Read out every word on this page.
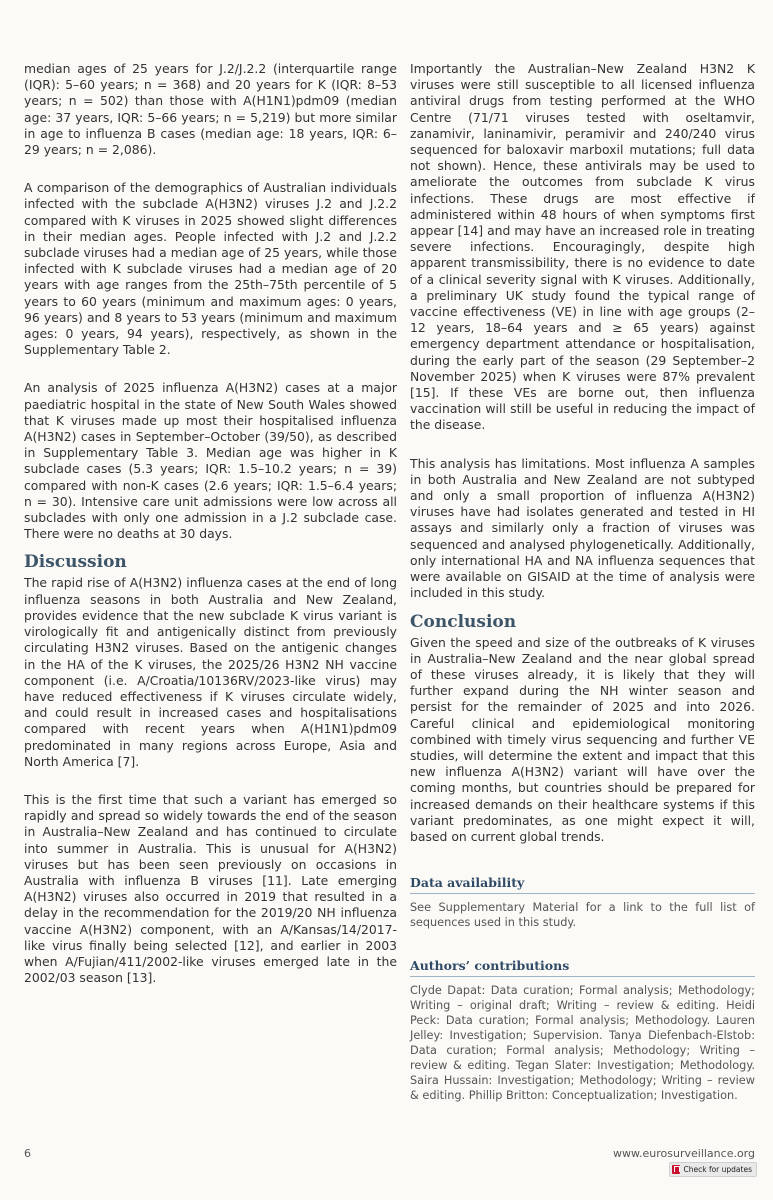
median ages of 25 years for J.2/J.2.2 (interquartile range (IQR): 5–60 years; n = 368) and 20 years for K (IQR: 8–53 years; n = 502) than those with A(H1N1)pdm09 (median age: 37 years, IQR: 5–66 years; n = 5,219) but more similar in age to influenza B cases (median age: 18 years, IQR: 6–29 years; n = 2,086).

A comparison of the demographics of Australian individuals infected with the subclade A(H3N2) viruses J.2 and J.2.2 compared with K viruses in 2025 showed slight differences in their median ages. People infected with J.2 and J.2.2 subclade viruses had a median age of 25 years, while those infected with K subclade viruses had a median age of 20 years with age ranges from the 25th–75th percentile of 5 years to 60 years (minimum and maximum ages: 0 years, 96 years) and 8 years to 53 years (minimum and maximum ages: 0 years, 94 years), respectively, as shown in the Supplementary Table 2.

An analysis of 2025 influenza A(H3N2) cases at a major paediatric hospital in the state of New South Wales showed that K viruses made up most their hospitalised influenza A(H3N2) cases in September–October (39/50), as described in Supplementary Table 3. Median age was higher in K subclade cases (5.3 years; IQR: 1.5–10.2 years; n = 39) compared with non-K cases (2.6 years; IQR: 1.5–6.4 years; n = 30). Intensive care unit admissions were low across all subclades with only one admission in a J.2 subclade case. There were no deaths at 30 days.

Discussion

The rapid rise of A(H3N2) influenza cases at the end of long influenza seasons in both Australia and New Zealand, provides evidence that the new subclade K virus variant is virologically fit and antigenically distinct from previously circulating H3N2 viruses. Based on the antigenic changes in the HA of the K viruses, the 2025/26 H3N2 NH vaccine component (i.e. A/Croatia/10136RV/2023-like virus) may have reduced effectiveness if K viruses circulate widely, and could result in increased cases and hospitalisations compared with recent years when A(H1N1)pdm09 predominated in many regions across Europe, Asia and North America [7].

This is the first time that such a variant has emerged so rapidly and spread so widely towards the end of the season in Australia–New Zealand and has continued to circulate into summer in Australia. This is unusual for A(H3N2) viruses but has been seen previously on occasions in Australia with influenza B viruses [11]. Late emerging A(H3N2) viruses also occurred in 2019 that resulted in a delay in the recommendation for the 2019/20 NH influenza vaccine A(H3N2) component, with an A/Kansas/14/2017-like virus finally being selected [12], and earlier in 2003 when A/Fujian/411/2002-like viruses emerged late in the 2002/03 season [13].

Importantly the Australian–New Zealand H3N2 K viruses were still susceptible to all licensed influenza antiviral drugs from testing performed at the WHO Centre (71/71 viruses tested with oseltamvir, zanamivir, laninamivir, peramivir and 240/240 virus sequenced for baloxavir marboxil mutations; full data not shown). Hence, these antivirals may be used to ameliorate the outcomes from subclade K virus infections. These drugs are most effective if administered within 48 hours of when symptoms first appear [14] and may have an increased role in treating severe infections. Encouragingly, despite high apparent transmissibility, there is no evidence to date of a clinical severity signal with K viruses. Additionally, a preliminary UK study found the typical range of vaccine effectiveness (VE) in line with age groups (2–12 years, 18–64 years and ≥ 65 years) against emergency department attendance or hospitalisation, during the early part of the season (29 September–2 November 2025) when K viruses were 87% prevalent [15]. If these VEs are borne out, then influenza vaccination will still be useful in reducing the impact of the disease.

This analysis has limitations. Most influenza A samples in both Australia and New Zealand are not subtyped and only a small proportion of influenza A(H3N2) viruses have had isolates generated and tested in HI assays and similarly only a fraction of viruses was sequenced and analysed phylogenetically. Additionally, only international HA and NA influenza sequences that were available on GISAID at the time of analysis were included in this study.

Conclusion

Given the speed and size of the outbreaks of K viruses in Australia–New Zealand and the near global spread of these viruses already, it is likely that they will further expand during the NH winter season and persist for the remainder of 2025 and into 2026. Careful clinical and epidemiological monitoring combined with timely virus sequencing and further VE studies, will determine the extent and impact that this new influenza A(H3N2) variant will have over the coming months, but countries should be prepared for increased demands on their healthcare systems if this variant predominates, as one might expect it will, based on current global trends.

Data availability
See Supplementary Material for a link to the full list of sequences used in this study.
Authors’ contributions
Clyde Dapat: Data curation; Formal analysis; Methodology; Writing – original draft; Writing – review & editing. Heidi Peck: Data curation; Formal analysis; Methodology. Lauren Jelley: Investigation; Supervision. Tanya Diefenbach-Elstob: Data curation; Formal analysis; Methodology; Writing – review & editing. Tegan Slater: Investigation; Methodology. Saira Hussain: Investigation; Methodology; Writing – review & editing. Phillip Britton: Conceptualization; Investigation.
6	www.eurosurveillance.org
Check for updates
